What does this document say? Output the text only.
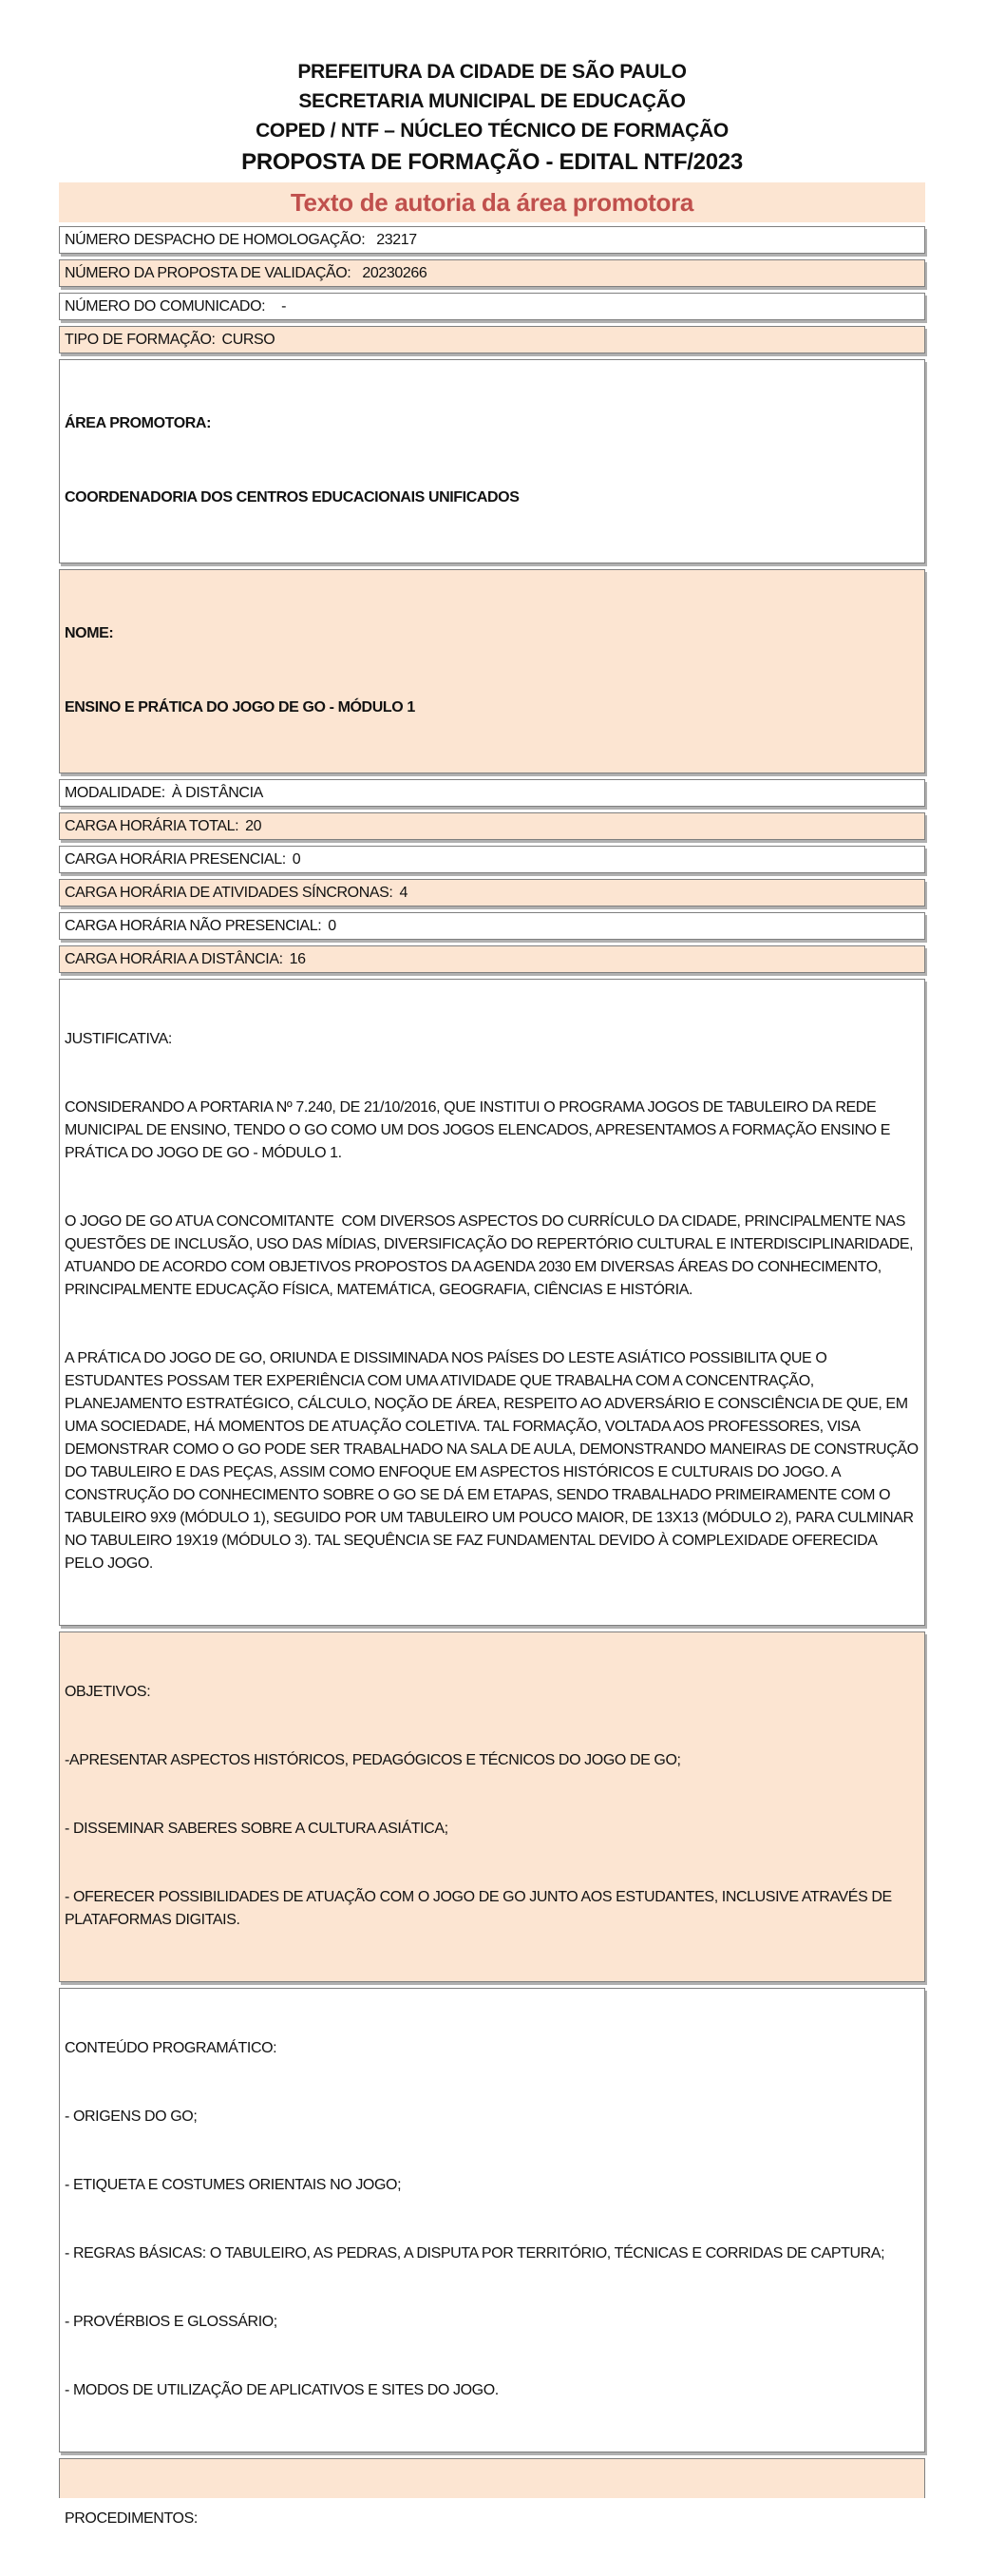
PREFEITURA DA CIDADE DE SÃO PAULO
SECRETARIA MUNICIPAL DE EDUCAÇÃO
COPED / NTF – NÚCLEO TÉCNICO DE FORMAÇÃO
PROPOSTA DE FORMAÇÃO - EDITAL NTF/2023
Texto de autoria da área promotora
NÚMERO DESPACHO DE HOMOLOGAÇÃO: 23217
NÚMERO DA PROPOSTA DE VALIDAÇÃO: 20230266
NÚMERO DO COMUNICADO: -
TIPO DE FORMAÇÃO: CURSO

ÁREA PROMOTORA:

COORDENADORIA DOS CENTROS EDUCACIONAIS UNIFICADOS

NOME:

ENSINO E PRÁTICA DO JOGO DE GO - MÓDULO 1

MODALIDADE: À DISTÂNCIA
CARGA HORÁRIA TOTAL: 20
CARGA HORÁRIA PRESENCIAL: 0
CARGA HORÁRIA DE ATIVIDADES SÍNCRONAS: 4
CARGA HORÁRIA NÃO PRESENCIAL: 0
CARGA HORÁRIA A DISTÂNCIA: 16

JUSTIFICATIVA:

CONSIDERANDO A PORTARIA Nº 7.240, DE 21/10/2016, QUE INSTITUI O PROGRAMA JOGOS DE TABULEIRO DA REDE MUNICIPAL DE ENSINO, TENDO O GO COMO UM DOS JOGOS ELENCADOS, APRESENTAMOS A FORMAÇÃO ENSINO E PRÁTICA DO JOGO DE GO - MÓDULO 1.

O JOGO DE GO ATUA CONCOMITANTE  COM DIVERSOS ASPECTOS DO CURRÍCULO DA CIDADE, PRINCIPALMENTE NAS QUESTÕES DE INCLUSÃO, USO DAS MÍDIAS, DIVERSIFICAÇÃO DO REPERTÓRIO CULTURAL E INTERDISCIPLINARIDADE, ATUANDO DE ACORDO COM OBJETIVOS PROPOSTOS DA AGENDA 2030 EM DIVERSAS ÁREAS DO CONHECIMENTO, PRINCIPALMENTE EDUCAÇÃO FÍSICA, MATEMÁTICA, GEOGRAFIA, CIÊNCIAS E HISTÓRIA.

A PRÁTICA DO JOGO DE GO, ORIUNDA E DISSIMINADA NOS PAÍSES DO LESTE ASIÁTICO POSSIBILITA QUE O ESTUDANTES POSSAM TER EXPERIÊNCIA COM UMA ATIVIDADE QUE TRABALHA COM A CONCENTRAÇÃO, PLANEJAMENTO ESTRATÉGICO, CÁLCULO, NOÇÃO DE ÁREA, RESPEITO AO ADVERSÁRIO E CONSCIÊNCIA DE QUE, EM UMA SOCIEDADE, HÁ MOMENTOS DE ATUAÇÃO COLETIVA. TAL FORMAÇÃO, VOLTADA AOS PROFESSORES, VISA DEMONSTRAR COMO O GO PODE SER TRABALHADO NA SALA DE AULA, DEMONSTRANDO MANEIRAS DE CONSTRUÇÃO DO TABULEIRO E DAS PEÇAS, ASSIM COMO ENFOQUE EM ASPECTOS HISTÓRICOS E CULTURAIS DO JOGO. A CONSTRUÇÃO DO CONHECIMENTO SOBRE O GO SE DÁ EM ETAPAS, SENDO TRABALHADO PRIMEIRAMENTE COM O TABULEIRO 9X9 (MÓDULO 1), SEGUIDO POR UM TABULEIRO UM POUCO MAIOR, DE 13X13 (MÓDULO 2), PARA CULMINAR NO TABULEIRO 19X19 (MÓDULO 3). TAL SEQUÊNCIA SE FAZ FUNDAMENTAL DEVIDO À COMPLEXIDADE OFERECIDA PELO JOGO.

OBJETIVOS:

-APRESENTAR ASPECTOS HISTÓRICOS, PEDAGÓGICOS E TÉCNICOS DO JOGO DE GO;

- DISSEMINAR SABERES SOBRE A CULTURA ASIÁTICA;

- OFERECER POSSIBILIDADES DE ATUAÇÃO COM O JOGO DE GO JUNTO AOS ESTUDANTES, INCLUSIVE ATRAVÉS DE PLATAFORMAS DIGITAIS.

CONTEÚDO PROGRAMÁTICO:

- ORIGENS DO GO;

- ETIQUETA E COSTUMES ORIENTAIS NO JOGO;

- REGRAS BÁSICAS: O TABULEIRO, AS PEDRAS, A DISPUTA POR TERRITÓRIO, TÉCNICAS E CORRIDAS DE CAPTURA;

- PROVÉRBIOS E GLOSSÁRIO;

- MODOS DE UTILIZAÇÃO DE APLICATIVOS E SITES DO JOGO.

PROCEDIMENTOS:
